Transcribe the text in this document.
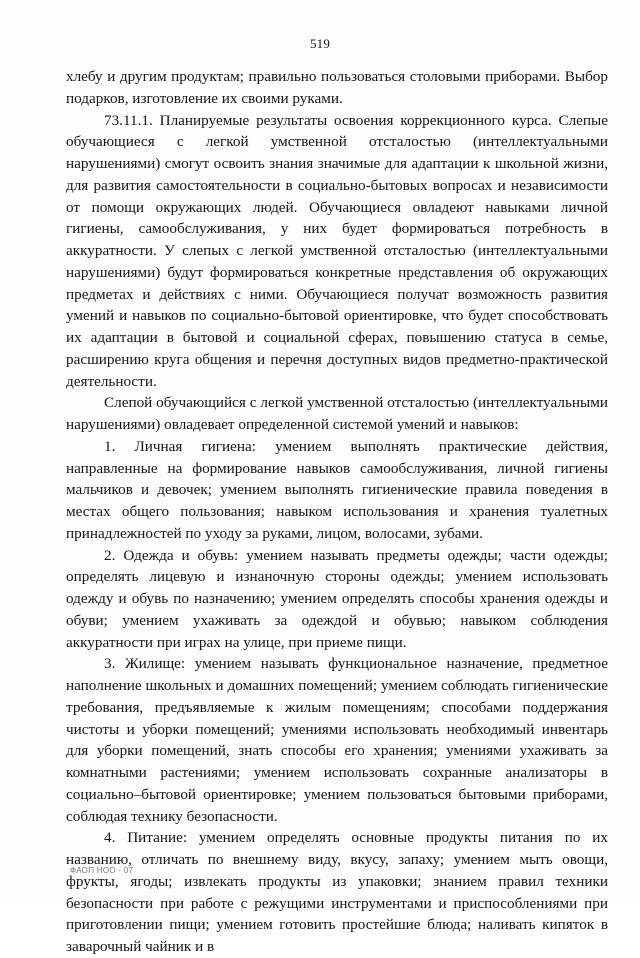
519

хлебу и другим продуктам; правильно пользоваться столовыми приборами. Выбор подарков, изготовление их своими руками.

73.11.1. Планируемые результаты освоения коррекционного курса. Слепые обучающиеся с легкой умственной отсталостью (интеллектуальными нарушениями) смогут освоить знания значимые для адаптации к школьной жизни, для развития самостоятельности в социально-бытовых вопросах и независимости от помощи окружающих людей. Обучающиеся овладеют навыками личной гигиены, самообслуживания, у них будет формироваться потребность в аккуратности. У слепых с легкой умственной отсталостью (интеллектуальными нарушениями) будут формироваться конкретные представления об окружающих предметах и действиях с ними. Обучающиеся получат возможность развития умений и навыков по социально-бытовой ориентировке, что будет способствовать их адаптации в бытовой и социальной сферах, повышению статуса в семье, расширению круга общения и перечня доступных видов предметно-практической деятельности.

Слепой обучающийся с легкой умственной отсталостью (интеллектуальными нарушениями) овладевает определенной системой умений и навыков:

1. Личная гигиена: умением выполнять практические действия, направленные на формирование навыков самообслуживания, личной гигиены мальчиков и девочек; умением выполнять гигиенические правила поведения в местах общего пользования; навыком использования и хранения туалетных принадлежностей по уходу за руками, лицом, волосами, зубами.

2. Одежда и обувь: умением называть предметы одежды; части одежды; определять лицевую и изнаночную стороны одежды; умением использовать одежду и обувь по назначению; умением определять способы хранения одежды и обуви; умением ухаживать за одеждой и обувью; навыком соблюдения аккуратности при играх на улице, при приеме пищи.

3. Жилище: умением называть функциональное назначение, предметное наполнение школьных и домашних помещений; умением соблюдать гигиенические требования, предъявляемые к жилым помещениям; способами поддержания чистоты и уборки помещений; умениями использовать необходимый инвентарь для уборки помещений, знать способы его хранения; умениями ухаживать за комнатными растениями; умением использовать сохранные анализаторы в социально–бытовой ориентировке; умением пользоваться бытовыми приборами, соблюдая технику безопасности.

4. Питание: умением определять основные продукты питания по их названию, отличать по внешнему виду, вкусу, запаху; умением мыть овощи, фрукты, ягоды; извлекать продукты из упаковки; знанием правил техники безопасности при работе с режущими инструментами и приспособлениями при приготовлении пищи; умением готовить простейшие блюда; наливать кипяток в заварочный чайник и в

ФАОП НОО - 07
